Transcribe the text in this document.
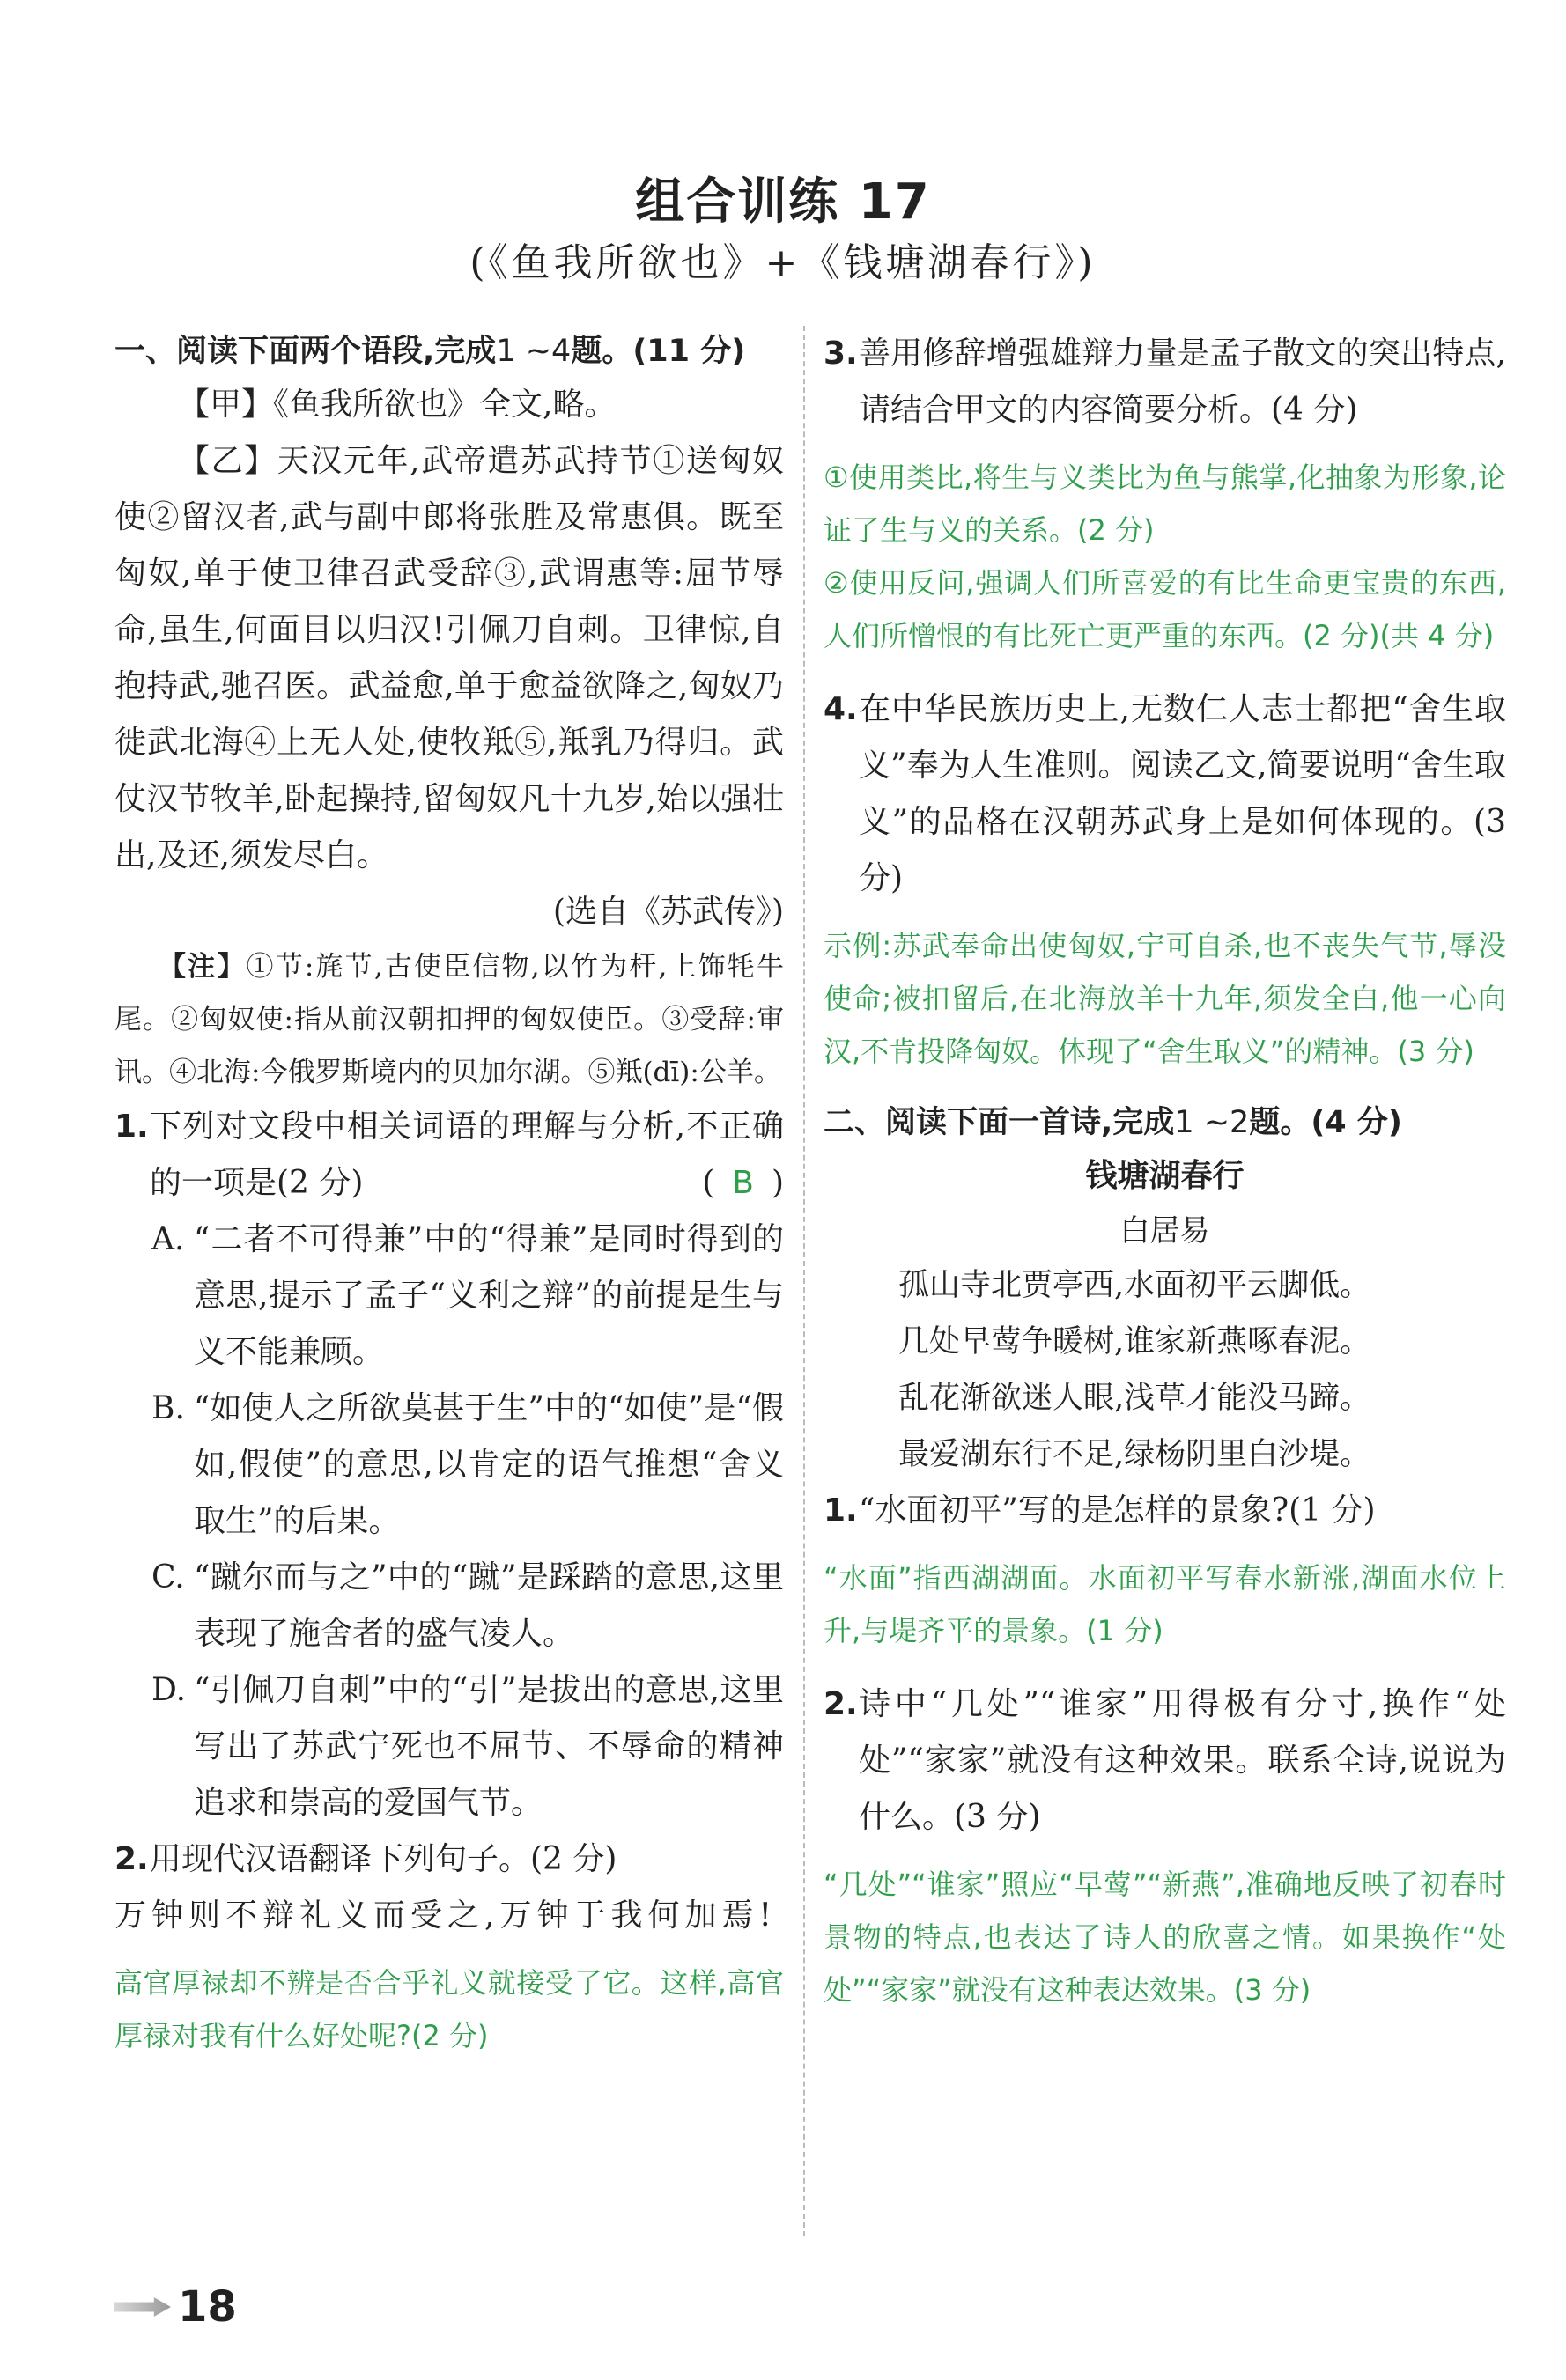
组合训练 17
(《鱼我所欲也》+《钱塘湖春行》)

一、阅读下面两个语段,完成1 ~4题。(11 分)

【甲】《鱼我所欲也》全文,略。

【乙】天汉元年,武帝遣苏武持节①送匈奴使②留汉者,武与副中郎将张胜及常惠俱。既至匈奴,单于使卫律召武受辞③,武谓惠等:屈节辱命,虽生,何面目以归汉!引佩刀自刺。卫律惊,自抱持武,驰召医。武益愈,单于愈益欲降之,匈奴乃徙武北海④上无人处,使牧羝⑤,羝乳乃得归。武仗汉节牧羊,卧起操持,留匈奴凡十九岁,始以强壮出,及还,须发尽白。

(选自《苏武传》)

【注】①节:旄节,古使臣信物,以竹为杆,上饰牦牛尾。②匈奴使:指从前汉朝扣押的匈奴使臣。③受辞:审讯。④北海:今俄罗斯境内的贝加尔湖。⑤羝(dī):公羊。

1. 下列对文段中相关词语的理解与分析,不正确的一项是(2 分)	( B )
A. “二者不可得兼”中的“得兼”是同时得到的意思,提示了孟子“义利之辩”的前提是生与义不能兼顾。
B. “如使人之所欲莫甚于生”中的“如使”是“假如,假使”的意思,以肯定的语气推想“舍义取生”的后果。
C. “蹴尔而与之”中的“蹴”是踩踏的意思,这里表现了施舍者的盛气凌人。
D. “引佩刀自刺”中的“引”是拔出的意思,这里写出了苏武宁死也不屈节、不辱命的精神追求和崇高的爱国气节。
2. 用现代汉语翻译下列句子。(2 分)

万钟则不辩礼义而受之,万钟于我何加焉!

高官厚禄却不辨是否合乎礼义就接受了它。这样,高官厚禄对我有什么好处呢?(2 分)

3. 善用修辞增强雄辩力量是孟子散文的突出特点,请结合甲文的内容简要分析。(4 分)

①使用类比,将生与义类比为鱼与熊掌,化抽象为形象,论证了生与义的关系。(2 分)
②使用反问,强调人们所喜爱的有比生命更宝贵的东西,人们所憎恨的有比死亡更严重的东西。(2 分)(共 4 分)

4. 在中华民族历史上,无数仁人志士都把“舍生取义”奉为人生准则。阅读乙文,简要说明“舍生取义”的品格在汉朝苏武身上是如何体现的。(3 分)

示例:苏武奉命出使匈奴,宁可自杀,也不丧失气节,辱没使命;被扣留后,在北海放羊十九年,须发全白,他一心向汉,不肯投降匈奴。体现了“舍生取义”的精神。(3 分)

二、阅读下面一首诗,完成1 ~2题。(4 分)

钱塘湖春行

白居易

孤山寺北贾亭西,水面初平云脚低。

几处早莺争暖树,谁家新燕啄春泥。

乱花渐欲迷人眼,浅草才能没马蹄。

最爱湖东行不足,绿杨阴里白沙堤。

1. “水面初平”写的是怎样的景象?(1 分)

“水面”指西湖湖面。水面初平写春水新涨,湖面水位上升,与堤齐平的景象。(1 分)

2. 诗中“几处”“谁家”用得极有分寸,换作“处处”“家家”就没有这种效果。联系全诗,说说为什么。(3 分)

“几处”“谁家”照应“早莺”“新燕”,准确地反映了初春时景物的特点,也表达了诗人的欣喜之情。如果换作“处处”“家家”就没有这种表达效果。(3 分)

18
